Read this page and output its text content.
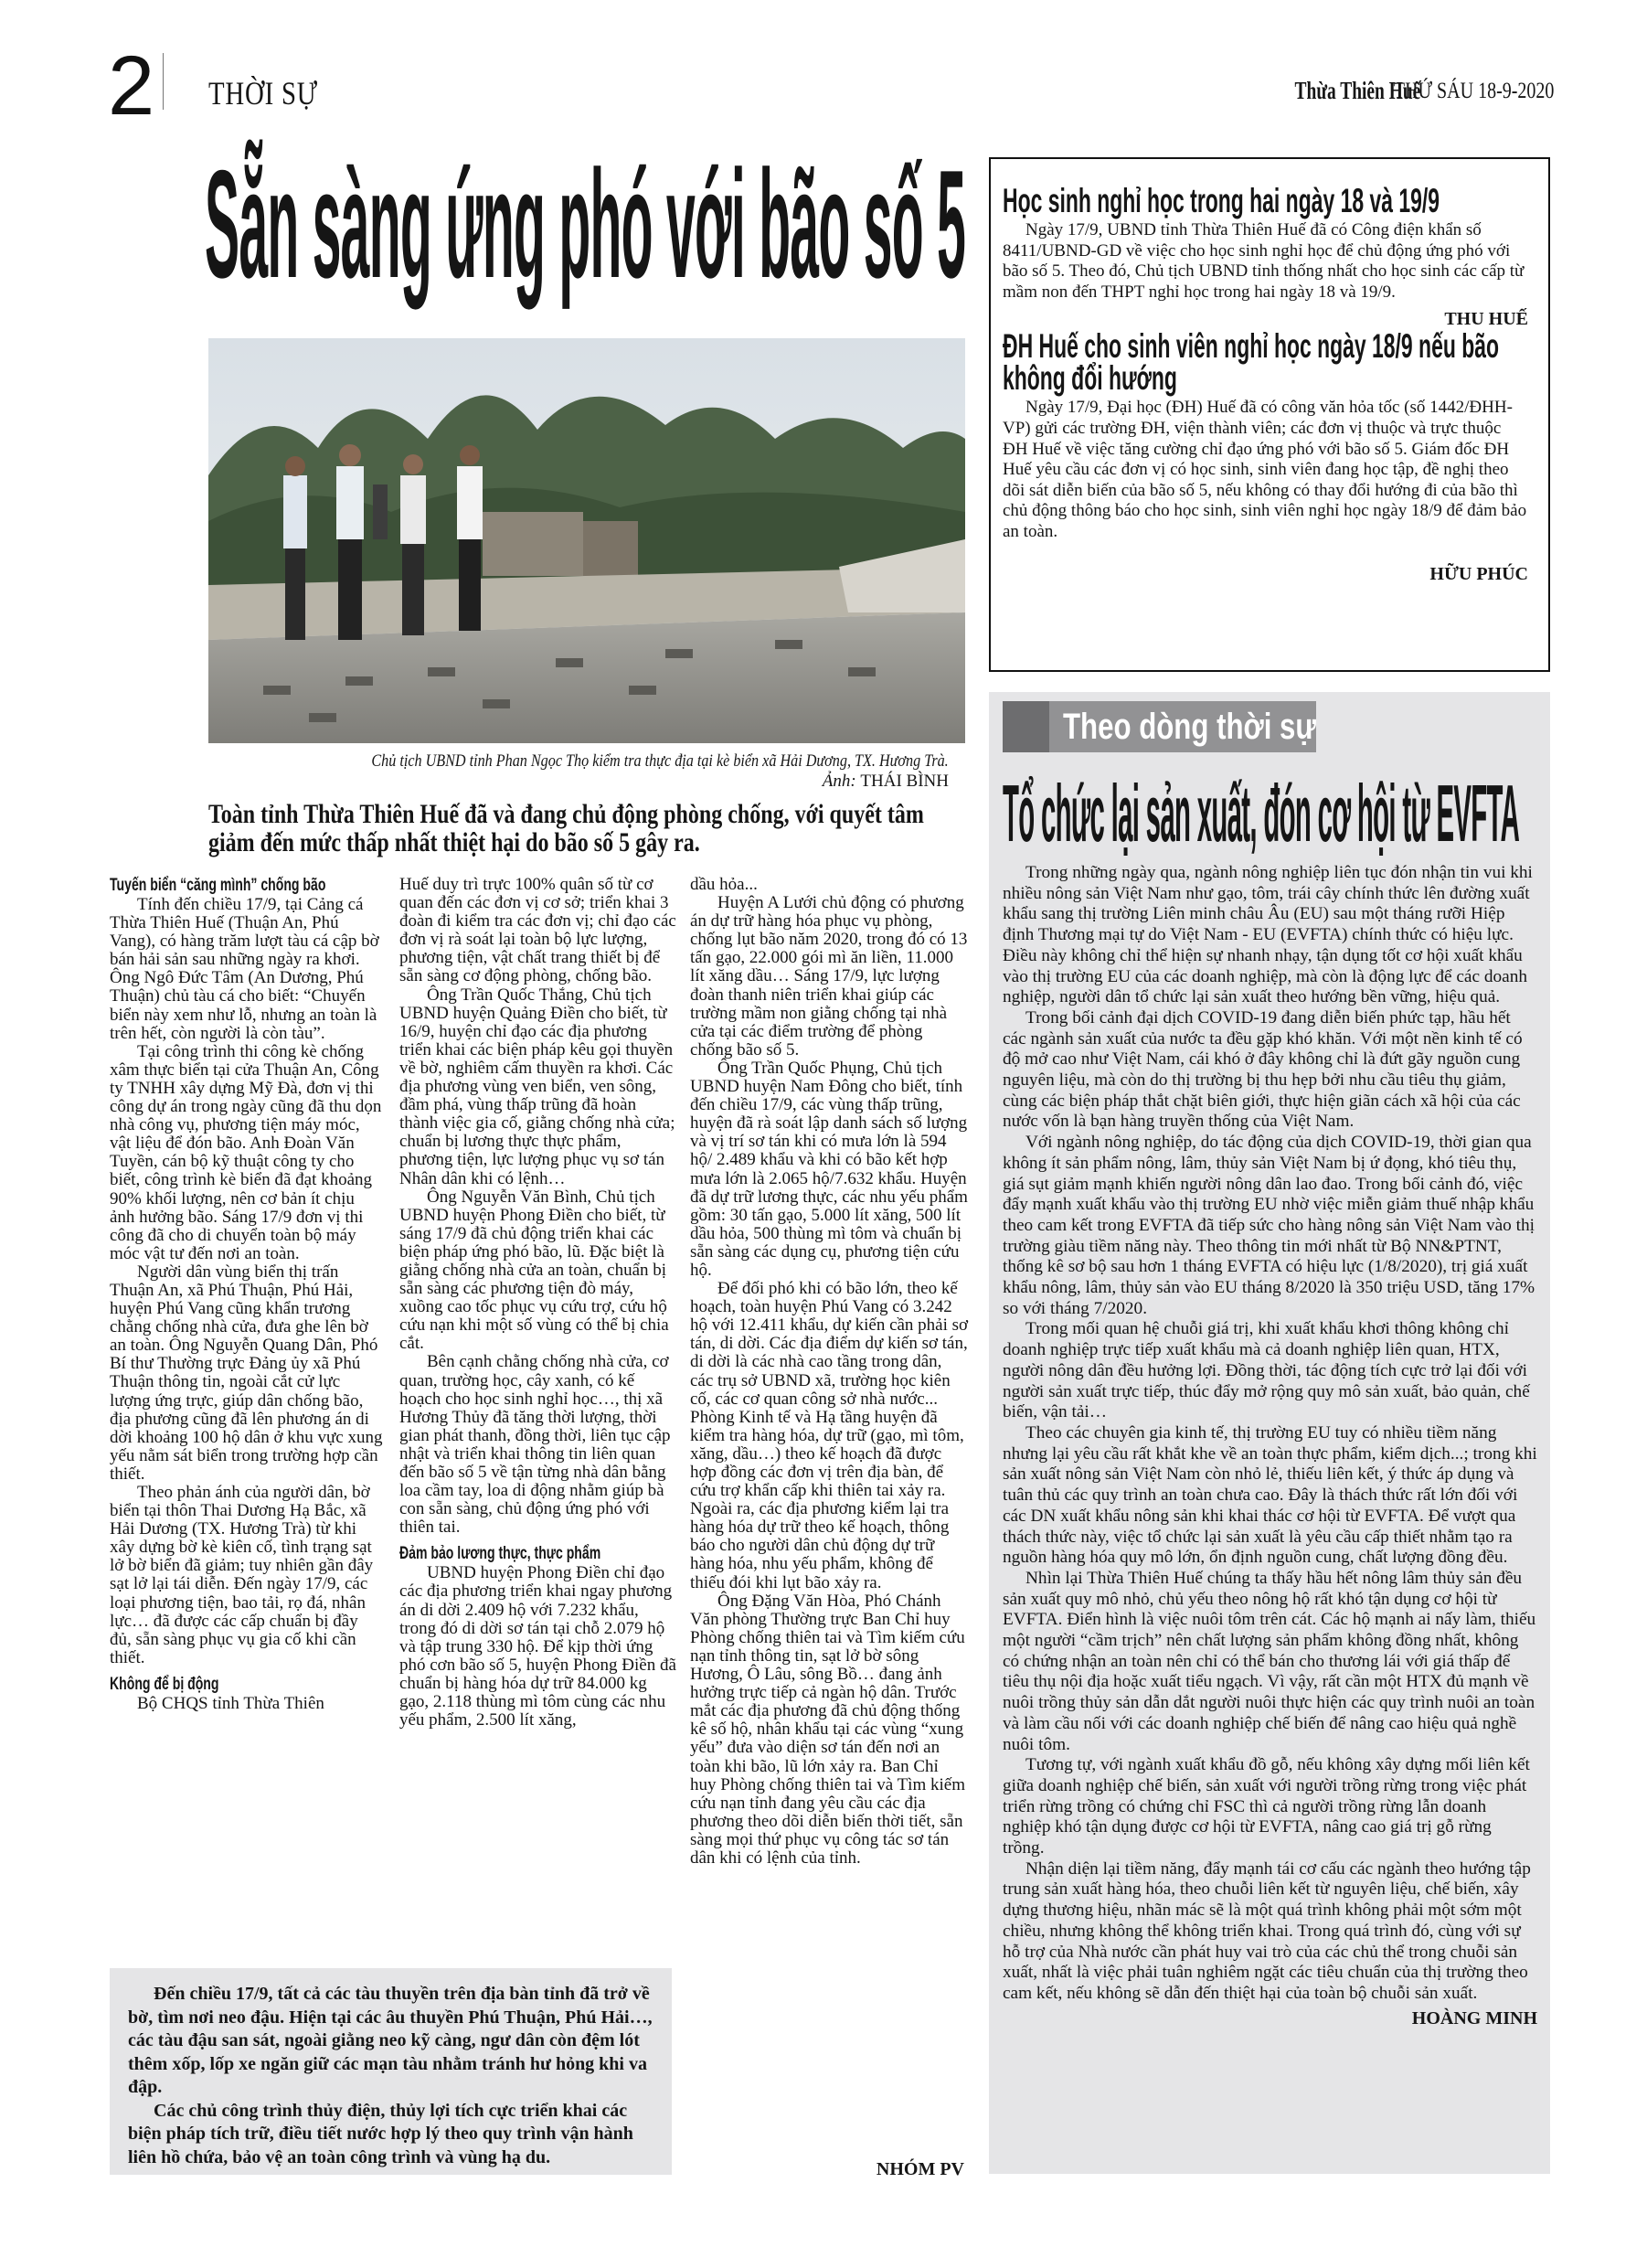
2 THỜI SỰ	Thừa Thiên Huế
THỨ SÁU 18-9-2020
Sẵn sàng ứng phó với bão số 5
Chủ tịch UBND tỉnh Phan Ngọc Thọ kiểm tra thực địa tại kè biển xã Hải Dương, TX. Hương Trà.
Ảnh: THÁI BÌNH
Toàn tỉnh Thừa Thiên Huế đã và đang chủ động phòng chống, với quyết tâm giảm đến mức thấp nhất thiệt hại do bão số 5 gây ra.
Tuyến biển “căng mình” chống bão

Tính đến chiều 17/9, tại Cảng cá Thừa Thiên Huế (Thuận An, Phú Vang), có hàng trăm lượt tàu cá cập bờ bán hải sản sau những ngày ra khơi. Ông Ngô Đức Tâm (An Dương, Phú Thuận) chủ tàu cá cho biết: “Chuyến biển này xem như lỗ, nhưng an toàn là trên hết, còn người là còn tàu”.

Tại công trình thi công kè chống xâm thực biển tại cửa Thuận An, Công ty TNHH xây dựng Mỹ Đà, đơn vị thi công dự án trong ngày cũng đã thu dọn nhà công vụ, phương tiện máy móc, vật liệu để đón bão. Anh Đoàn Văn Tuyền, cán bộ kỹ thuật công ty cho biết, công trình kè biển đã đạt khoảng 90% khối lượng, nên cơ bản ít chịu ảnh hưởng bão. Sáng 17/9 đơn vị thi công đã cho di chuyển toàn bộ máy móc vật tư đến nơi an toàn.

Người dân vùng biển thị trấn Thuận An, xã Phú Thuận, Phú Hải, huyện Phú Vang cũng khẩn trương chằng chống nhà cửa, đưa ghe lên bờ an toàn. Ông Nguyễn Quang Dân, Phó Bí thư Thường trực Đảng ủy xã Phú Thuận thông tin, ngoài cắt cử lực lượng ứng trực, giúp dân chống bão, địa phương cũng đã lên phương án di dời khoảng 100 hộ dân ở khu vực xung yếu nằm sát biển trong trường hợp cần thiết.

Theo phản ánh của người dân, bờ biển tại thôn Thai Dương Hạ Bắc, xã Hải Dương (TX. Hương Trà) từ khi xây dựng bờ kè kiên cố, tình trạng sạt lở bờ biển đã giảm; tuy nhiên gần đây sạt lở lại tái diễn. Đến ngày 17/9, các loại phương tiện, bao tải, rọ đá, nhân lực… đã được các cấp chuẩn bị đầy đủ, sẵn sàng phục vụ gia cố khi cần thiết.

Không để bị động

Bộ CHQS tỉnh Thừa Thiên

Huế duy trì trực 100% quân số từ cơ quan đến các đơn vị cơ sở; triển khai 3 đoàn đi kiểm tra các đơn vị; chỉ đạo các đơn vị rà soát lại toàn bộ lực lượng, phương tiện, vật chất trang thiết bị để sẵn sàng cơ động phòng, chống bão.

Ông Trần Quốc Thắng, Chủ tịch UBND huyện Quảng Điền cho biết, từ 16/9, huyện chỉ đạo các địa phương triển khai các biện pháp kêu gọi thuyền về bờ, nghiêm cấm thuyền ra khơi. Các địa phương vùng ven biển, ven sông, đầm phá, vùng thấp trũng đã hoàn thành việc gia cố, giằng chống nhà cửa; chuẩn bị lương thực thực phẩm, phương tiện, lực lượng phục vụ sơ tán Nhân dân khi có lệnh…

Ông Nguyễn Văn Bình, Chủ tịch UBND huyện Phong Điền cho biết, từ sáng 17/9 đã chủ động triển khai các biện pháp ứng phó bão, lũ. Đặc biệt là giằng chống nhà cửa an toàn, chuẩn bị sẵn sàng các phương tiện đò máy, xuồng cao tốc phục vụ cứu trợ, cứu hộ cứu nạn khi một số vùng có thể bị chia cắt.

Bên cạnh chằng chống nhà cửa, cơ quan, trường học, cây xanh, có kế hoạch cho học sinh nghỉ học…, thị xã Hương Thủy đã tăng thời lượng, thời gian phát thanh, đồng thời, liên tục cập nhật và triển khai thông tin liên quan đến bão số 5 về tận từng nhà dân bằng loa cầm tay, loa di động nhằm giúp bà con sẵn sàng, chủ động ứng phó với thiên tai.

Đảm bảo lương thực, thực phẩm

UBND huyện Phong Điền chỉ đạo các địa phương triển khai ngay phương án di dời 2.409 hộ với 7.232 khẩu, trong đó di dời sơ tán tại chỗ 2.079 hộ và tập trung 330 hộ. Để kịp thời ứng phó cơn bão số 5, huyện Phong Điền đã chuẩn bị hàng hóa dự trữ 84.000 kg gạo, 2.118 thùng mì tôm cùng các nhu yếu phẩm, 2.500 lít xăng,

dầu hỏa...

Huyện A Lưới chủ động có phương án dự trữ hàng hóa phục vụ phòng, chống lụt bão năm 2020, trong đó có 13 tấn gạo, 22.000 gói mì ăn liền, 11.000 lít xăng dầu… Sáng 17/9, lực lượng đoàn thanh niên triển khai giúp các trường mầm non giằng chống tại nhà cửa tại các điểm trường để phòng chống bão số 5.

Ông Trần Quốc Phụng, Chủ tịch UBND huyện Nam Đông cho biết, tính đến chiều 17/9, các vùng thấp trũng, huyện đã rà soát lập danh sách số lượng và vị trí sơ tán khi có mưa lớn là 594 hộ/ 2.489 khẩu và khi có bão kết hợp mưa lớn là 2.065 hộ/7.632 khẩu. Huyện đã dự trữ lương thực, các nhu yếu phẩm gồm: 30 tấn gạo, 5.000 lít xăng, 500 lít dầu hỏa, 500 thùng mì tôm và chuẩn bị sẵn sàng các dụng cụ, phương tiện cứu hộ.

Để đối phó khi có bão lớn, theo kế hoạch, toàn huyện Phú Vang có 3.242 hộ với 12.411 khẩu, dự kiến cần phải sơ tán, di dời. Các địa điểm dự kiến sơ tán, di dời là các nhà cao tầng trong dân, các trụ sở UBND xã, trường học kiên cố, các cơ quan công sở nhà nước... Phòng Kinh tế và Hạ tầng huyện đã kiểm tra hàng hóa, dự trữ (gạo, mì tôm, xăng, dầu…) theo kế hoạch đã được hợp đồng các đơn vị trên địa bàn, để cứu trợ khẩn cấp khi thiên tai xảy ra. Ngoài ra, các địa phương kiểm lại tra hàng hóa dự trữ theo kế hoạch, thông báo cho người dân chủ động dự trữ hàng hóa, nhu yếu phẩm, không để thiếu đói khi lụt bão xảy ra.

Ông Đặng Văn Hòa, Phó Chánh Văn phòng Thường trực Ban Chỉ huy Phòng chống thiên tai và Tìm kiếm cứu nạn tỉnh thông tin, sạt lở bờ sông Hương, Ô Lâu, sông Bồ… đang ảnh hưởng trực tiếp cả ngàn hộ dân. Trước mắt các địa phương đã chủ động thống kê số hộ, nhân khẩu tại các vùng “xung yếu” đưa vào diện sơ tán đến nơi an toàn khi bão, lũ lớn xảy ra. Ban Chỉ huy Phòng chống thiên tai và Tìm kiếm cứu nạn tỉnh đang yêu cầu các địa phương theo dõi diễn biến thời tiết, sẵn sàng mọi thứ phục vụ công tác sơ tán dân khi có lệnh của tỉnh.

NHÓM PV

Đến chiều 17/9, tất cả các tàu thuyền trên địa bàn tỉnh đã trở về bờ, tìm nơi neo đậu. Hiện tại các âu thuyền Phú Thuận, Phú Hải…, các tàu đậu san sát, ngoài giằng neo kỹ càng, ngư dân còn đệm lót thêm xốp, lốp xe ngăn giữ các mạn tàu nhằm tránh hư hỏng khi va đập.

Các chủ công trình thủy điện, thủy lợi tích cực triển khai các biện pháp tích trữ, điều tiết nước hợp lý theo quy trình vận hành liên hồ chứa, bảo vệ an toàn công trình và vùng hạ du.

Học sinh nghỉ học trong hai ngày 18 và 19/9

Ngày 17/9, UBND tỉnh Thừa Thiên Huế đã có Công điện khẩn số 8411/UBND-GD về việc cho học sinh nghỉ học để chủ động ứng phó với bão số 5. Theo đó, Chủ tịch UBND tỉnh thống nhất cho học sinh các cấp từ mầm non đến THPT nghỉ học trong hai ngày 18 và 19/9.

THU HUẾ

ĐH Huế cho sinh viên nghỉ học ngày 18/9 nếu bão không đổi hướng

Ngày 17/9, Đại học (ĐH) Huế đã có công văn hỏa tốc (số 1442/ĐHH-VP) gửi các trường ĐH, viện thành viên; các đơn vị thuộc và trực thuộc ĐH Huế về việc tăng cường chỉ đạo ứng phó với bão số 5. Giám đốc ĐH Huế yêu cầu các đơn vị có học sinh, sinh viên đang học tập, đề nghị theo dõi sát diễn biến của bão số 5, nếu không có thay đổi hướng đi của bão thì chủ động thông báo cho học sinh, sinh viên nghỉ học ngày 18/9 để đảm bảo an toàn.

HỮU PHÚC

Theo dòng thời sự
Tổ chức lại sản xuất, đón cơ hội từ EVFTA

Trong những ngày qua, ngành nông nghiệp liên tục đón nhận tin vui khi nhiều nông sản Việt Nam như gạo, tôm, trái cây chính thức lên đường xuất khẩu sang thị trường Liên minh châu Âu (EU) sau một tháng rưỡi Hiệp định Thương mại tự do Việt Nam - EU (EVFTA) chính thức có hiệu lực. Điều này không chỉ thể hiện sự nhanh nhạy, tận dụng tốt cơ hội xuất khẩu vào thị trường EU của các doanh nghiệp, mà còn là động lực để các doanh nghiệp, người dân tổ chức lại sản xuất theo hướng bền vững, hiệu quả.

Trong bối cảnh đại dịch COVID-19 đang diễn biến phức tạp, hầu hết các ngành sản xuất của nước ta đều gặp khó khăn. Với một nền kinh tế có độ mở cao như Việt Nam, cái khó ở đây không chỉ là đứt gãy nguồn cung nguyên liệu, mà còn do thị trường bị thu hẹp bởi nhu cầu tiêu thụ giảm, cùng các biện pháp thắt chặt biên giới, thực hiện giãn cách xã hội của các nước vốn là bạn hàng truyền thống của Việt Nam.

Với ngành nông nghiệp, do tác động của dịch COVID-19, thời gian qua không ít sản phẩm nông, lâm, thủy sản Việt Nam bị ứ đọng, khó tiêu thụ, giá sụt giảm mạnh khiến người nông dân lao đao. Trong bối cảnh đó, việc đẩy mạnh xuất khẩu vào thị trường EU nhờ việc miễn giảm thuế nhập khẩu theo cam kết trong EVFTA đã tiếp sức cho hàng nông sản Việt Nam vào thị trường giàu tiềm năng này. Theo thông tin mới nhất từ Bộ NN&PTNT, thống kê sơ bộ sau hơn 1 tháng EVFTA có hiệu lực (1/8/2020), trị giá xuất khẩu nông, lâm, thủy sản vào EU tháng 8/2020 là 350 triệu USD, tăng 17% so với tháng 7/2020.

Trong mối quan hệ chuỗi giá trị, khi xuất khẩu khơi thông không chỉ doanh nghiệp trực tiếp xuất khẩu mà cả doanh nghiệp liên quan, HTX, người nông dân đều hưởng lợi. Đồng thời, tác động tích cực trở lại đối với người sản xuất trực tiếp, thúc đẩy mở rộng quy mô sản xuất, bảo quản, chế biến, vận tải…

Theo các chuyên gia kinh tế, thị trường EU tuy có nhiều tiềm năng nhưng lại yêu cầu rất khắt khe về an toàn thực phẩm, kiểm dịch...; trong khi sản xuất nông sản Việt Nam còn nhỏ lẻ, thiếu liên kết, ý thức áp dụng và tuân thủ các quy trình an toàn chưa cao. Đây là thách thức rất lớn đối với các DN xuất khẩu nông sản khi khai thác cơ hội từ EVFTA. Để vượt qua thách thức này, việc tổ chức lại sản xuất là yêu cầu cấp thiết nhằm tạo ra nguồn hàng hóa quy mô lớn, ổn định nguồn cung, chất lượng đồng đều.

Nhìn lại Thừa Thiên Huế chúng ta thấy hầu hết nông lâm thủy sản đều sản xuất quy mô nhỏ, chủ yếu theo nông hộ rất khó tận dụng cơ hội từ EVFTA. Điển hình là việc nuôi tôm trên cát. Các hộ mạnh ai nấy làm, thiếu một người “cầm trịch” nên chất lượng sản phẩm không đồng nhất, không có chứng nhận an toàn nên chỉ có thể bán cho thương lái với giá thấp để tiêu thụ nội địa hoặc xuất tiểu ngạch. Vì vậy, rất cần một HTX đủ mạnh về nuôi trồng thủy sản dẫn dắt người nuôi thực hiện các quy trình nuôi an toàn và làm cầu nối với các doanh nghiệp chế biến để nâng cao hiệu quả nghề nuôi tôm.

Tương tự, với ngành xuất khẩu đồ gỗ, nếu không xây dựng mối liên kết giữa doanh nghiệp chế biến, sản xuất với người trồng rừng trong việc phát triển rừng trồng có chứng chỉ FSC thì cả người trồng rừng lẫn doanh nghiệp khó tận dụng được cơ hội từ EVFTA, nâng cao giá trị gỗ rừng trồng.

Nhận diện lại tiềm năng, đẩy mạnh tái cơ cấu các ngành theo hướng tập trung sản xuất hàng hóa, theo chuỗi liên kết từ nguyên liệu, chế biến, xây dựng thương hiệu, nhãn mác sẽ là một quá trình không phải một sớm một chiều, nhưng không thể không triển khai. Trong quá trình đó, cùng với sự hỗ trợ của Nhà nước cần phát huy vai trò của các chủ thể trong chuỗi sản xuất, nhất là việc phải tuân nghiêm ngặt các tiêu chuẩn của thị trường theo cam kết, nếu không sẽ dẫn đến thiệt hại của toàn bộ chuỗi sản xuất.

HOÀNG MINH
